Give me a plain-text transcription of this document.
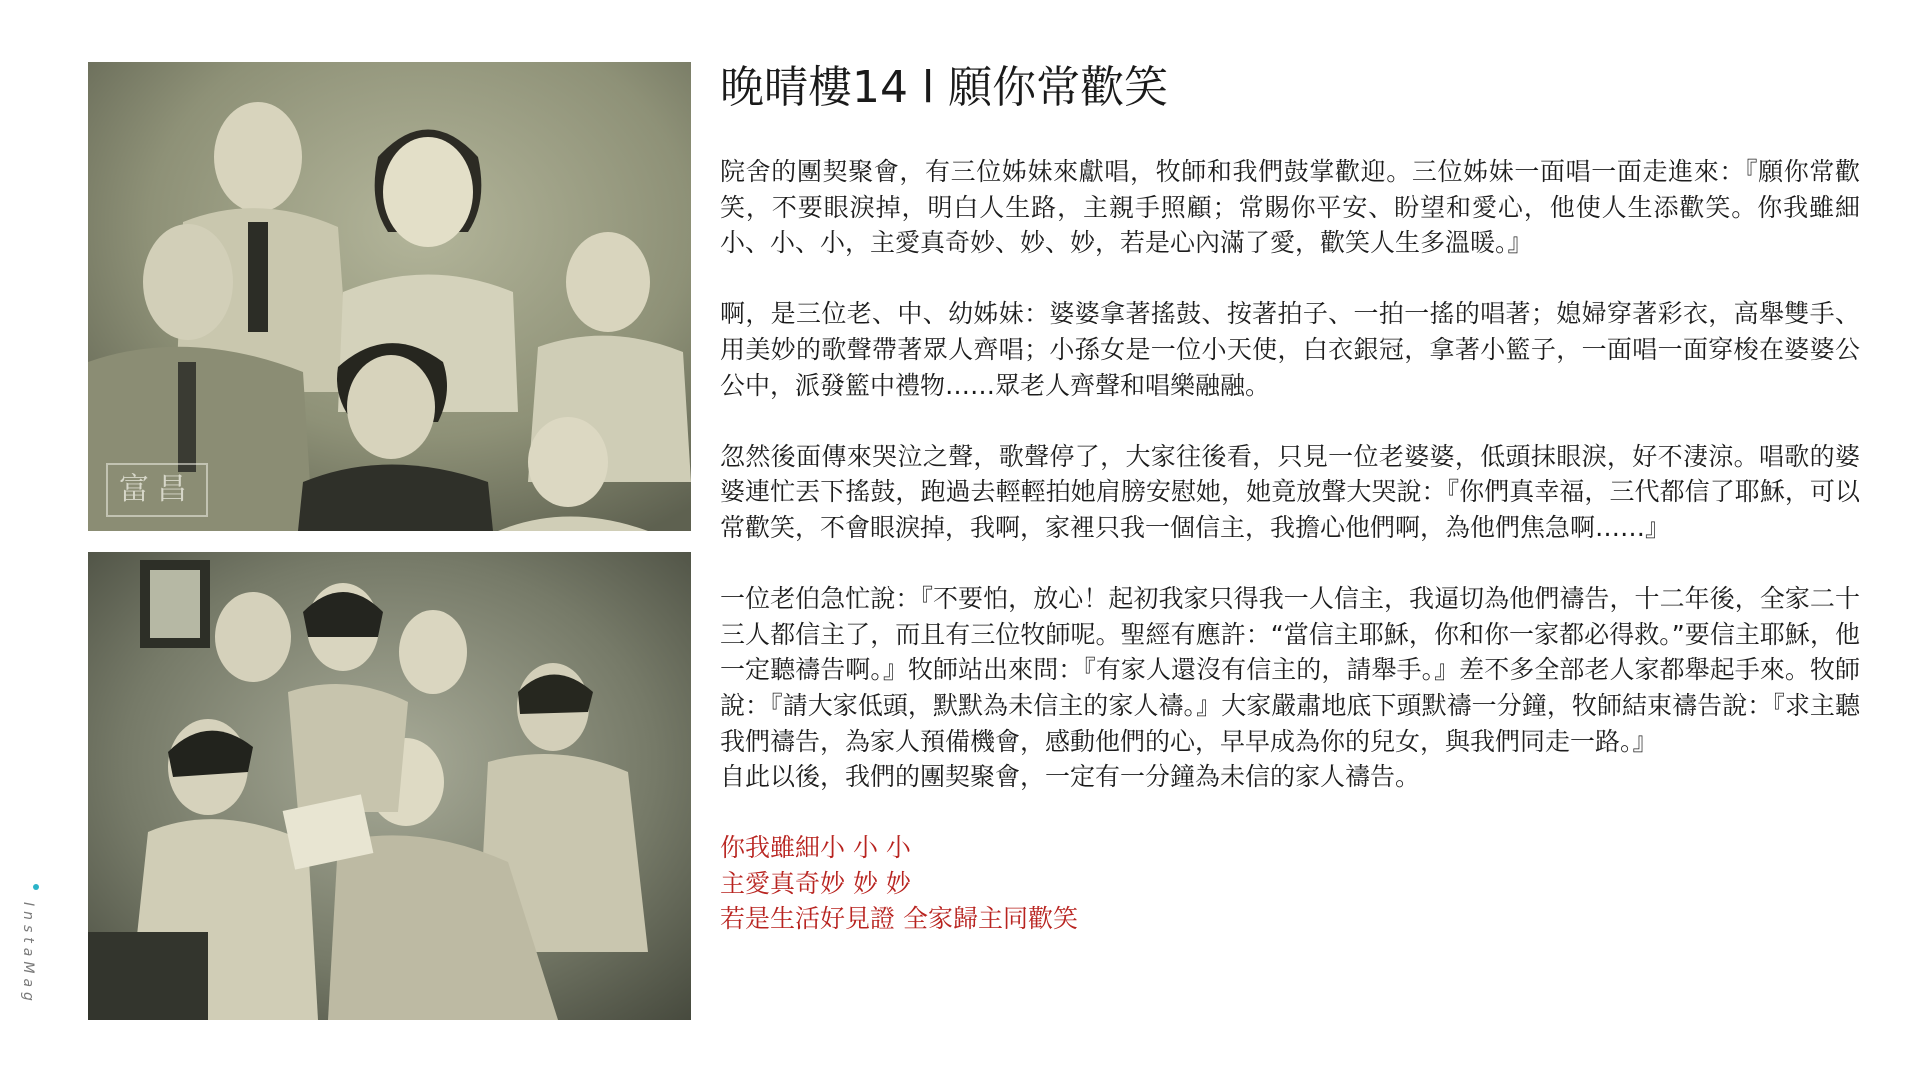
富昌
InstaMag
晚晴樓14 l 願你常歡笑

院舍的團契聚會，有三位姊妹來獻唱，牧師和我們鼓掌歡迎。三位姊妹一面唱一面走進來：『願你常歡笑，不要眼淚掉，明白人生路，主親手照顧；常賜你平安、盼望和愛心，他使人生添歡笑。你我雖細小、小、小，主愛真奇妙、妙、妙，若是心內滿了愛，歡笑人生多溫暖。』

啊，是三位老、中、幼姊妹：婆婆拿著搖鼓、按著拍子、一拍一搖的唱著；媳婦穿著彩衣，高舉雙手、用美妙的歌聲帶著眾人齊唱；小孫女是一位小天使，白衣銀冠，拿著小籃子，一面唱一面穿梭在婆婆公公中，派發籃中禮物……眾老人齊聲和唱樂融融。

忽然後面傳來哭泣之聲，歌聲停了，大家往後看，只見一位老婆婆，低頭抹眼淚，好不淒涼。唱歌的婆婆連忙丟下搖鼓，跑過去輕輕拍她肩膀安慰她，她竟放聲大哭說：『你們真幸福，三代都信了耶穌，可以常歡笑，不會眼淚掉，我啊，家裡只我一個信主，我擔心他們啊，為他們焦急啊……』

一位老伯急忙說：『不要怕，放心！起初我家只得我一人信主，我逼切為他們禱告，十二年後，全家二十三人都信主了，而且有三位牧師呢。聖經有應許：“當信主耶穌，你和你一家都必得救。”要信主耶穌，他一定聽禱告啊。』牧師站出來問：『有家人還沒有信主的，請舉手。』差不多全部老人家都舉起手來。牧師說：『請大家低頭，默默為未信主的家人禱。』大家嚴肅地底下頭默禱一分鐘，牧師結束禱告說：『求主聽我們禱告，為家人預備機會，感動他們的心，早早成為你的兒女，與我們同走一路。』

自此以後，我們的團契聚會，一定有一分鐘為未信的家人禱告。

你我雖細小 小 小

主愛真奇妙 妙 妙

若是生活好見證 全家歸主同歡笑
